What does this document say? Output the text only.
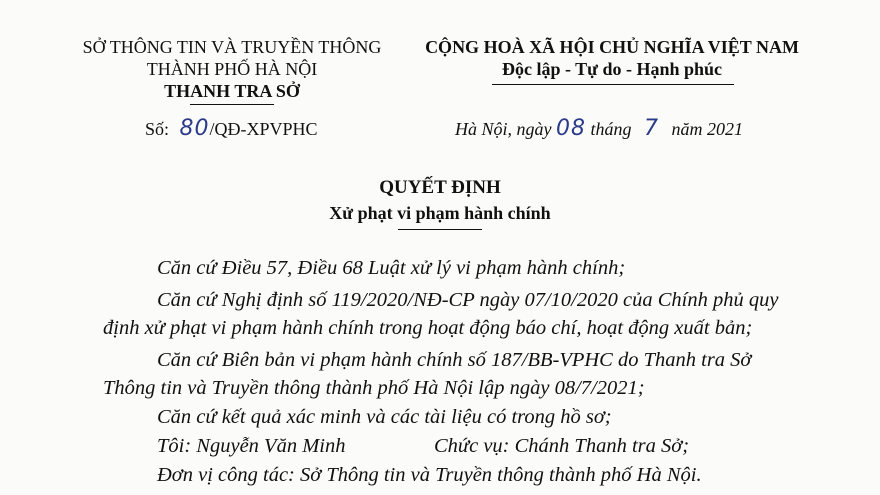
SỞ THÔNG TIN VÀ TRUYỀN THÔNG
THÀNH PHỐ HÀ NỘI
THANH TRA SỞ
CỘNG HOÀ XÃ HỘI CHỦ NGHĨA VIỆT NAM
Độc lập - Tự do - Hạnh phúc
Số: 80/QĐ-XPVPHC	Hà Nội, ngày 08 tháng 7 năm 2021
QUYẾT ĐỊNH
Xử phạt vi phạm hành chính
Căn cứ Điều 57, Điều 68 Luật xử lý vi phạm hành chính;
Căn cứ Nghị định số 119/2020/NĐ-CP ngày 07/10/2020 của Chính phủ quy
định xử phạt vi phạm hành chính trong hoạt động báo chí, hoạt động xuất bản;
Căn cứ Biên bản vi phạm hành chính số 187/BB-VPHC do Thanh tra Sở
Thông tin và Truyền thông thành phố Hà Nội lập ngày 08/7/2021;
Căn cứ kết quả xác minh và các tài liệu có trong hồ sơ;
Tôi: Nguyễn Văn Minh	Chức vụ: Chánh Thanh tra Sở;
Đơn vị công tác: Sở Thông tin và Truyền thông thành phố Hà Nội.
